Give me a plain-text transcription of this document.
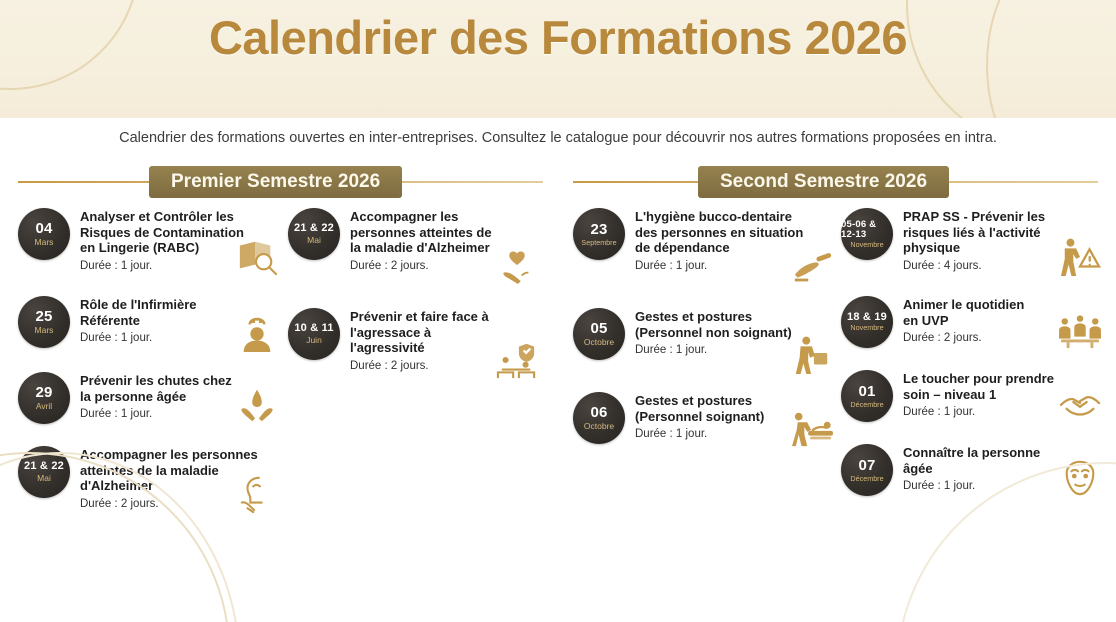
Calendrier des Formations 2026
Calendrier des formations ouvertes en inter-entreprises. Consultez le catalogue pour découvrir nos autres formations proposées en intra.
Premier Semestre 2026	Second Semestre 2026
04
Mars
Analyser et Contrôler les Risques de Contamination en Lingerie (RABC)
Durée : 1 jour.
25
Mars
Rôle de l'Infirmière Référente
Durée : 1 jour.
29
Avril
Prévenir les chutes chez la personne âgée
Durée : 1 jour.
21 & 22
Mai
Accompagner les personnes atteintes de la maladie d'Alzheimer
Durée : 2 jours.
21 & 22
Mai
Accompagner les personnes atteintes de la maladie d'Alzheimer
Durée : 2 jours.
10 & 11
Juin
Prévenir et faire face à l'agressace à l'agressivité
Durée : 2 jours.
23
Septembre
L'hygiène bucco-dentaire des personnes en situation de dépendance
Durée : 1 jour.
05
Octobre
Gestes et postures (Personnel non soignant)
Durée : 1 jour.
06
Octobre
Gestes et postures (Personnel soignant)
Durée : 1 jour.
05-06 & 12-13
Novembre
PRAP SS - Prévenir les risques liés à l'activité physique
Durée : 4 jours.
18 & 19
Novembre
Animer le quotidien en UVP
Durée : 2 jours.
01
Décembre
Le toucher pour prendre soin – niveau 1
Durée : 1 jour.
07
Décembre
Connaître la personne âgée
Durée : 1 jour.
